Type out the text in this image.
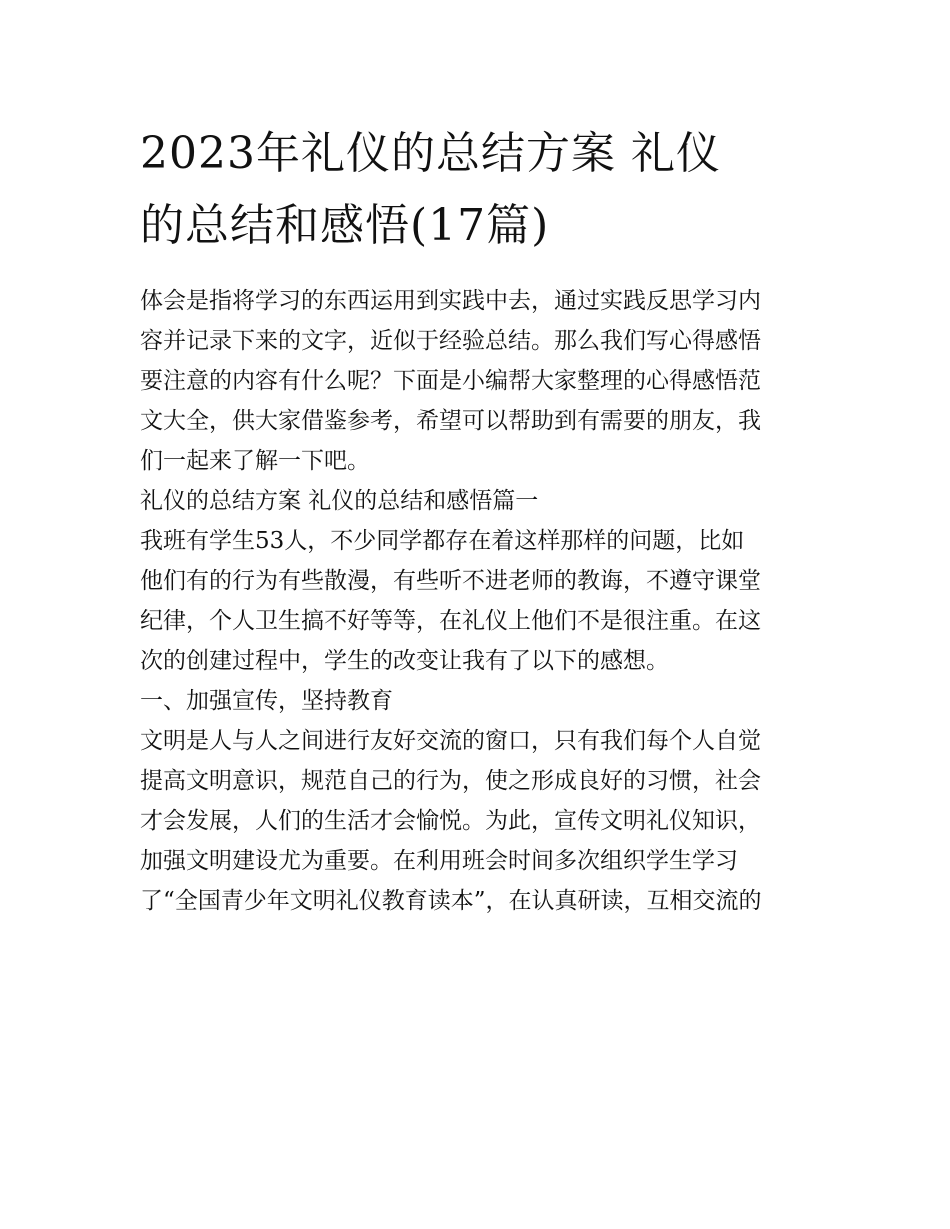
2023年礼仪的总结方案 礼仪
的总结和感悟(17篇)
体会是指将学习的东西运用到实践中去，通过实践反思学习内
容并记录下来的文字，近似于经验总结。那么我们写心得感悟
要注意的内容有什么呢？下面是小编帮大家整理的心得感悟范
文大全，供大家借鉴参考，希望可以帮助到有需要的朋友，我
们一起来了解一下吧。
礼仪的总结方案 礼仪的总结和感悟篇一
我班有学生53人，不少同学都存在着这样那样的问题，比如
他们有的行为有些散漫，有些听不进老师的教诲，不遵守课堂
纪律，个人卫生搞不好等等，在礼仪上他们不是很注重。在这
次的创建过程中，学生的改变让我有了以下的感想。
一、加强宣传，坚持教育
文明是人与人之间进行友好交流的窗口，只有我们每个人自觉
提高文明意识，规范自己的行为，使之形成良好的习惯，社会
才会发展，人们的生活才会愉悦。为此，宣传文明礼仪知识，
加强文明建设尤为重要。在利用班会时间多次组织学生学习
了“全国青少年文明礼仪教育读本”，在认真研读，互相交流的
